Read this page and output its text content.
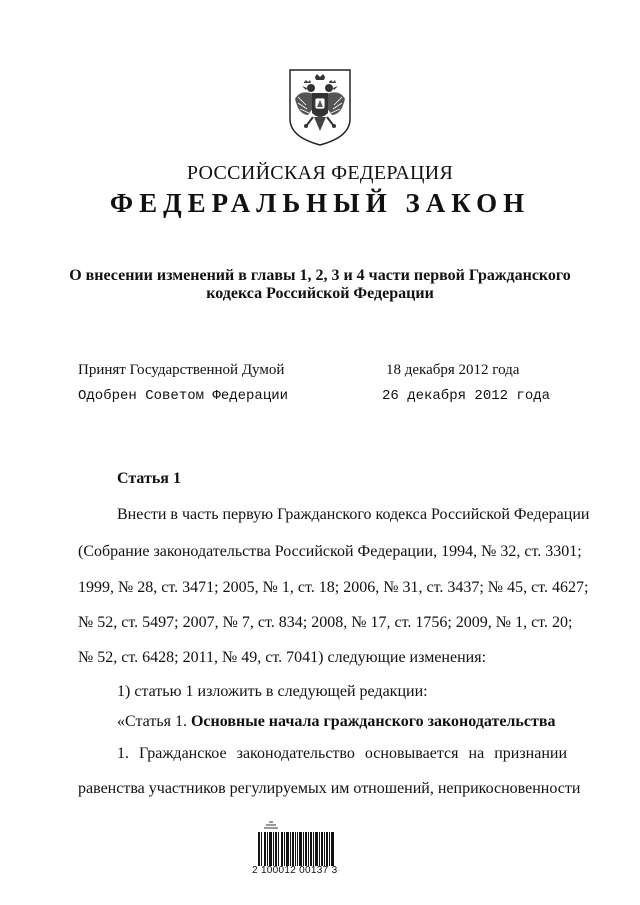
РОССИЙСКАЯ ФЕДЕРАЦИЯ
ФЕДЕРАЛЬНЫЙ ЗАКОН
О внесении изменений в главы 1, 2, 3 и 4 части первой Гражданского
кодекса Российской Федерации
Принят Государственной Думой	18 декабря 2012 года
Одобрен Советом Федерации	26 декабря 2012 года
Статья 1
Внести в часть первую Гражданского кодекса Российской Федерации
(Собрание законодательства Российской Федерации, 1994, № 32, ст. 3301;
1999, № 28, ст. 3471; 2005, № 1, ст. 18; 2006, № 31, ст. 3437; № 45, ст. 4627;
№ 52, ст. 5497; 2007, № 7, ст. 834; 2008, № 17, ст. 1756; 2009, № 1, ст. 20;
№ 52, ст. 6428; 2011, № 49, ст. 7041) следующие изменения:
1) статью 1 изложить в следующей редакции:
«Статья 1. Основные начала гражданского законодательства
1. Гражданское законодательство основывается на признании
равенства участников регулируемых им отношений, неприкосновенности
2 100012 00137 3
